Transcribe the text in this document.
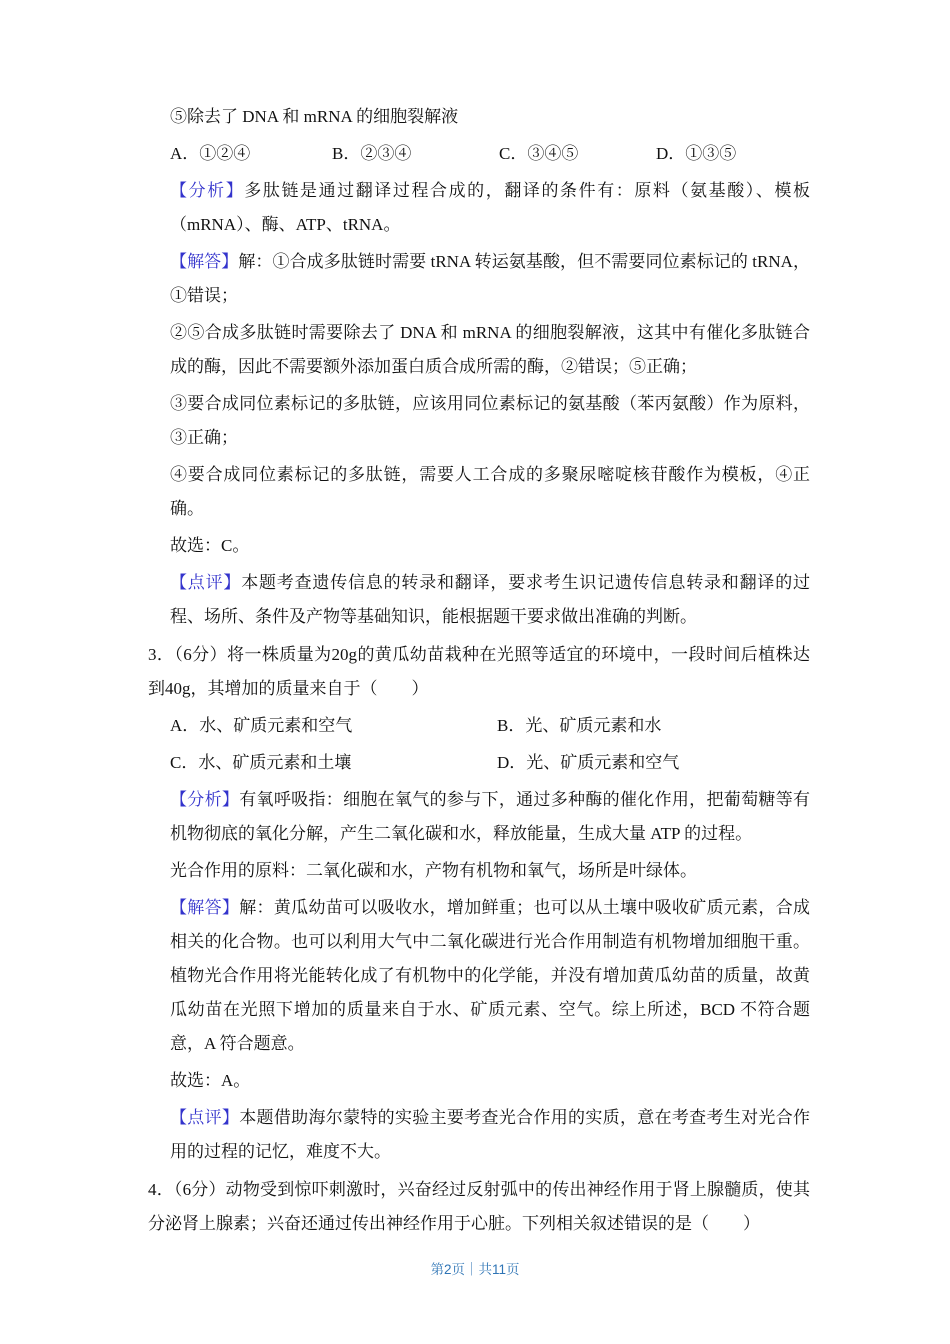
⑤除去了 DNA 和 mRNA 的细胞裂解液

A．①②④	B．②③④	C．③④⑤	D．①③⑤

【分析】多肽链是通过翻译过程合成的，翻译的条件有：原料（氨基酸）、模板（mRNA）、酶、ATP、tRNA。

【解答】解：①合成多肽链时需要 tRNA 转运氨基酸，但不需要同位素标记的 tRNA，①错误；

②⑤合成多肽链时需要除去了 DNA 和 mRNA 的细胞裂解液，这其中有催化多肽链合成的酶，因此不需要额外添加蛋白质合成所需的酶，②错误；⑤正确；

③要合成同位素标记的多肽链，应该用同位素标记的氨基酸（苯丙氨酸）作为原料，③正确；

④要合成同位素标记的多肽链，需要人工合成的多聚尿嘧啶核苷酸作为模板，④正确。

故选：C。

【点评】本题考查遗传信息的转录和翻译，要求考生识记遗传信息转录和翻译的过程、场所、条件及产物等基础知识，能根据题干要求做出准确的判断。

3．（6分）将一株质量为20g的黄瓜幼苗栽种在光照等适宜的环境中，一段时间后植株达到40g，其增加的质量来自于（　　）

A．水、矿质元素和空气	B．光、矿质元素和水

C．水、矿质元素和土壤	D．光、矿质元素和空气

【分析】有氧呼吸指：细胞在氧气的参与下，通过多种酶的催化作用，把葡萄糖等有机物彻底的氧化分解，产生二氧化碳和水，释放能量，生成大量 ATP 的过程。

光合作用的原料：二氧化碳和水，产物有机物和氧气，场所是叶绿体。

【解答】解：黄瓜幼苗可以吸收水，增加鲜重；也可以从土壤中吸收矿质元素，合成相关的化合物。也可以利用大气中二氧化碳进行光合作用制造有机物增加细胞干重。植物光合作用将光能转化成了有机物中的化学能，并没有增加黄瓜幼苗的质量，故黄瓜幼苗在光照下增加的质量来自于水、矿质元素、空气。综上所述，BCD 不符合题意，A 符合题意。

故选：A。

【点评】本题借助海尔蒙特的实验主要考查光合作用的实质，意在考查考生对光合作用的过程的记忆，难度不大。

4．（6分）动物受到惊吓刺激时，兴奋经过反射弧中的传出神经作用于肾上腺髓质，使其分泌肾上腺素；兴奋还通过传出神经作用于心脏。下列相关叙述错误的是（　　）

第2页｜共11页
